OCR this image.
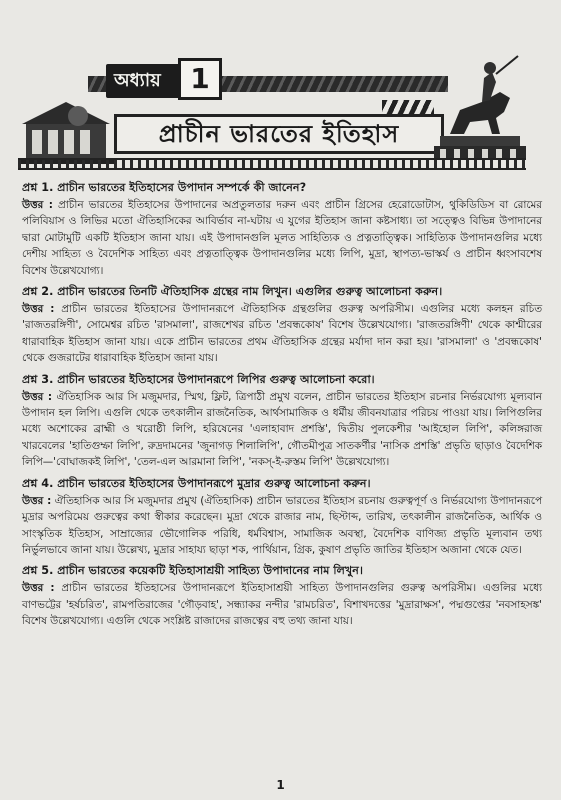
অধ্যায়	1
প্রাচীন ভারতের ইতিহাস

প্রশ্ন 1. প্রাচীন ভারতের ইতিহাসের উপাদান সম্পর্কে কী জানেন?

উত্তর : প্রাচীন ভারতের ইতিহাসের উপাদানের অপ্রতুলতার দরুন এবং প্রাচীন গ্রিসের হেরোডোটাস, থুকিডিডিস বা রোমের পলিবিয়াস ও লিভির মতো ঐতিহাসিকের আবির্ভাব না-ঘটায় এ যুগের ইতিহাস জানা কষ্টসাধ্য। তা সত্ত্বেও বিভিন্ন উপাদানের দ্বারা মোটামুটি একটি ইতিহাস জানা যায়। এই উপাদানগুলি মূলত সাহিত্যিক ও প্রত্নতাত্ত্বিক। সাহিত্যিক উপাদানগুলির মধ্যে দেশীয় সাহিত্য ও বৈদেশিক সাহিত্য এবং প্রত্নতাত্ত্বিক উপাদানগুলির মধ্যে লিপি, মুদ্রা, স্থাপত্য-ভাস্কর্য ও প্রাচীন ধ্বংসাবশেষ বিশেষ উল্লেখযোগ্য।

প্রশ্ন 2. প্রাচীন ভারতের তিনটি ঐতিহাসিক গ্রন্থের নাম লিখুন। এগুলির গুরুত্ব আলোচনা করুন।

উত্তর : প্রাচীন ভারতের ইতিহাসের উপাদানরূপে ঐতিহাসিক গ্রন্থগুলির গুরুত্ব অপরিসীম। এগুলির মধ্যে কলহন রচিত 'রাজতরঙ্গিণী', সোমেশ্বর রচিত 'রাসমালা', রাজশেখর রচিত 'প্রবন্ধকোষ' বিশেষ উল্লেখযোগ্য। 'রাজতরঙ্গিণী' থেকে কাশ্মীরের ধারাবাহিক ইতিহাস জানা যায়। একে প্রাচীন ভারতের প্রথম ঐতিহাসিক গ্রন্থের মর্যাদা দান করা হয়। 'রাসমালা' ও 'প্রবন্ধকোষ' থেকে গুজরাটের ধারাবাহিক ইতিহাস জানা যায়।

প্রশ্ন 3. প্রাচীন ভারতের ইতিহাসের উপাদানরূপে লিপির গুরুত্ব আলোচনা করো।

উত্তর : ঐতিহাসিক আর সি মজুমদার, স্মিথ, ফ্লিট, ত্রিপাঠী প্রমুখ বলেন, প্রাচীন ভারতের ইতিহাস রচনার নির্ভরযোগ্য মূল্যবান উপাদান হল লিপি। এগুলি থেকে তৎকালীন রাজনৈতিক, আর্থসামাজিক ও ধর্মীয় জীবনযাত্রার পরিচয় পাওয়া যায়। লিপিগুলির মধ্যে অশোকের ব্রাহ্মী ও খরোষ্ঠী লিপি, হরিষেনের 'এলাহাবাদ প্রশস্তি', দ্বিতীয় পুলকেশীর 'আইহোল লিপি', কলিঙ্গরাজ খারবেলের 'হাতিগুম্ফা লিপি', রুদ্রদামনের 'জুনাগড় শিলালিপি', গৌতমীপুত্র সাতকর্ণীর 'নাসিক প্রশস্তি' প্রভৃতি ছাড়াও বৈদেশিক লিপি—'বোঘাজকই লিপি', 'তেল-এল আরমানা লিপি', 'নকস্-ই-রুস্তম লিপি' উল্লেখযোগ্য।

প্রশ্ন 4. প্রাচীন ভারতের ইতিহাসের উপাদানরূপে মুদ্রার গুরুত্ব আলোচনা করুন।

উত্তর : ঐতিহাসিক আর সি মজুমদার প্রমুখ (ঐতিহাসিক) প্রাচীন ভারতের ইতিহাস রচনায় গুরুত্বপূর্ণ ও নির্ভরযোগ্য উপাদানরূপে মুদ্রার অপরিমেয় গুরুত্বের কথা স্বীকার করেছেন। মুদ্রা থেকে রাজার নাম, ছিস্টাব্দ, তারিখ, তৎকালীন রাজনৈতিক, আর্থিক ও সাংস্কৃতিক ইতিহাস, সাম্রাজ্যের ভৌগোলিক পরিধি, ধর্মবিশ্বাস, সামাজিক অবস্থা, বৈদেশিক বাণিজ্য প্রভৃতি মূল্যবান তথ্য নির্ভুলভাবে জানা যায়। উল্লেখ্য, মুদ্রার সাহায্য ছাড়া শক, পার্থিয়ান, গ্রিক, কুষাণ প্রভৃতি জাতির ইতিহাস অজানা থেকে যেত।

প্রশ্ন 5. প্রাচীন ভারতের কয়েকটি ইতিহাসাশ্রয়ী সাহিত্য উপাদানের নাম লিখুন।

উত্তর : প্রাচীন ভারতের ইতিহাসের উপাদানরূপে ইতিহাসাশ্রয়ী সাহিত্য উপাদানগুলির গুরুত্ব অপরিসীম। এগুলির মধ্যে বাণভট্টের 'হর্ষচরিত', রামপতিরাজের 'গৌড়বাহ', সন্ধ্যাকর নন্দীর 'রামচরিত', বিশাখদত্তের 'মুদ্রারাক্ষস', পদ্মগুপ্তের 'নবসাহসঙ্ক' বিশেষ উল্লেখযোগ্য। এগুলি থেকে সংশ্লিষ্ট রাজাদের রাজত্বের বহু তথ্য জানা যায়।

1
